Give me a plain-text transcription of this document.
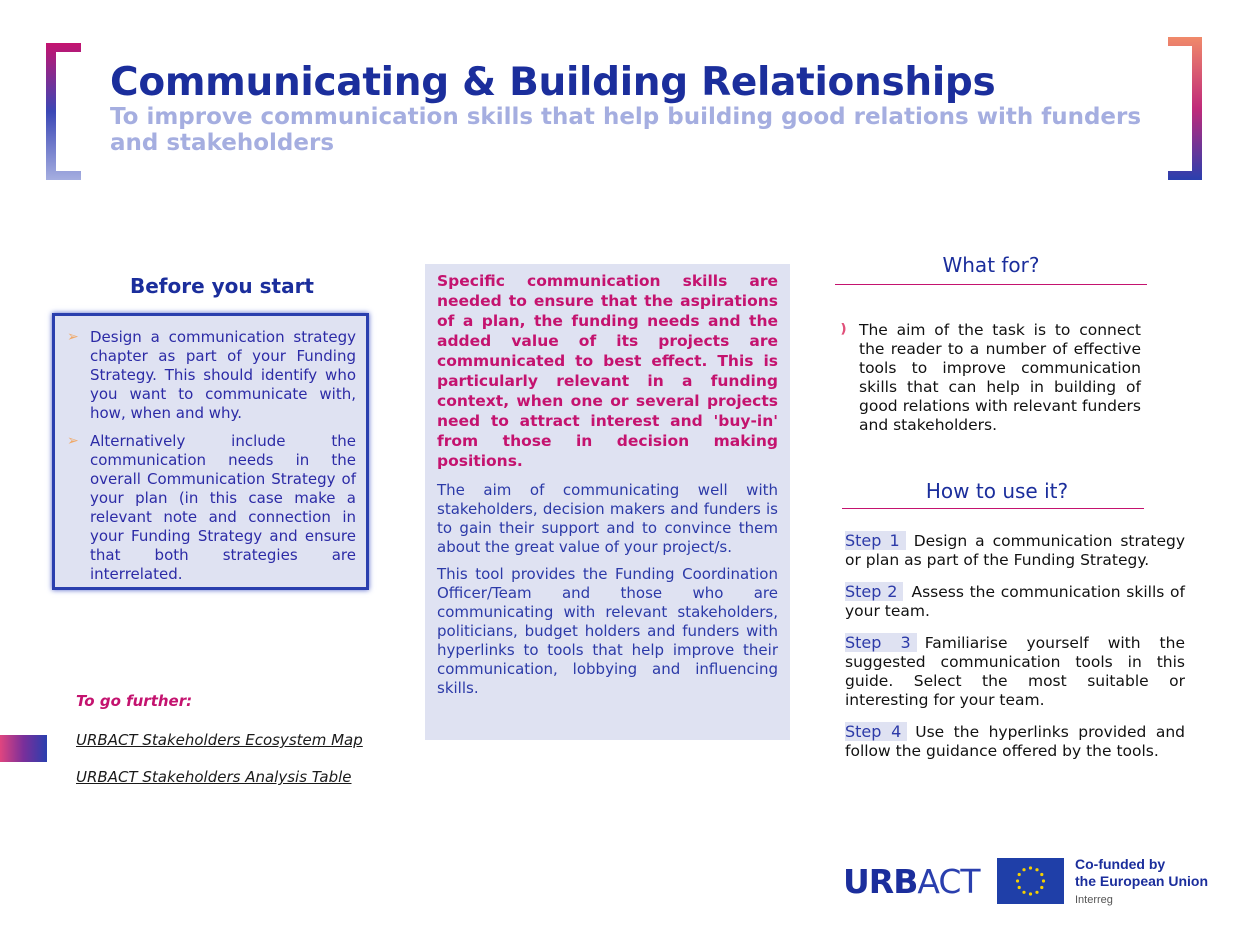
Communicating & Building Relationships
To improve communication skills that help building good relations with funders and stakeholders
Before you start
➢ Design a communication strategy chapter as part of your Funding Strategy. This should identify who you want to communicate with, how, when and why.
➢ Alternatively include the communication needs in the overall Communication Strategy of your plan (in this case make a relevant note and connection in your Funding Strategy and ensure that both strategies are interrelated.
To go further:
URBACT Stakeholders Ecosystem Map
URBACT Stakeholders Analysis Table

Specific communication skills are needed to ensure that the aspirations of a plan, the funding needs and the added value of its projects are communicated to best effect. This is particularly relevant in a funding context, when one or several projects need to attract interest and 'buy-in' from those in decision making positions.

The aim of communicating well with stakeholders, decision makers and funders is to gain their support and to convince them about the great value of your project/s.

This tool provides the Funding Coordination Officer/Team and those who are communicating with relevant stakeholders, politicians, budget holders and funders with hyperlinks to tools that help improve their communication, lobbying and influencing skills.

What for?
❫ The aim of the task is to connect the reader to a number of effective tools to improve communication skills that can help in building of good relations with relevant funders and stakeholders.
How to use it?
Step 1 Design a communication strategy or plan as part of the Funding Strategy.
Step 2 Assess the communication skills of your team.
Step 3 Familiarise yourself with the suggested communication tools in this guide. Select the most suitable or interesting for your team.
Step 4 Use the hyperlinks provided and follow the guidance offered by the tools.
URBACT	Co-funded by
the European Union
Interreg
